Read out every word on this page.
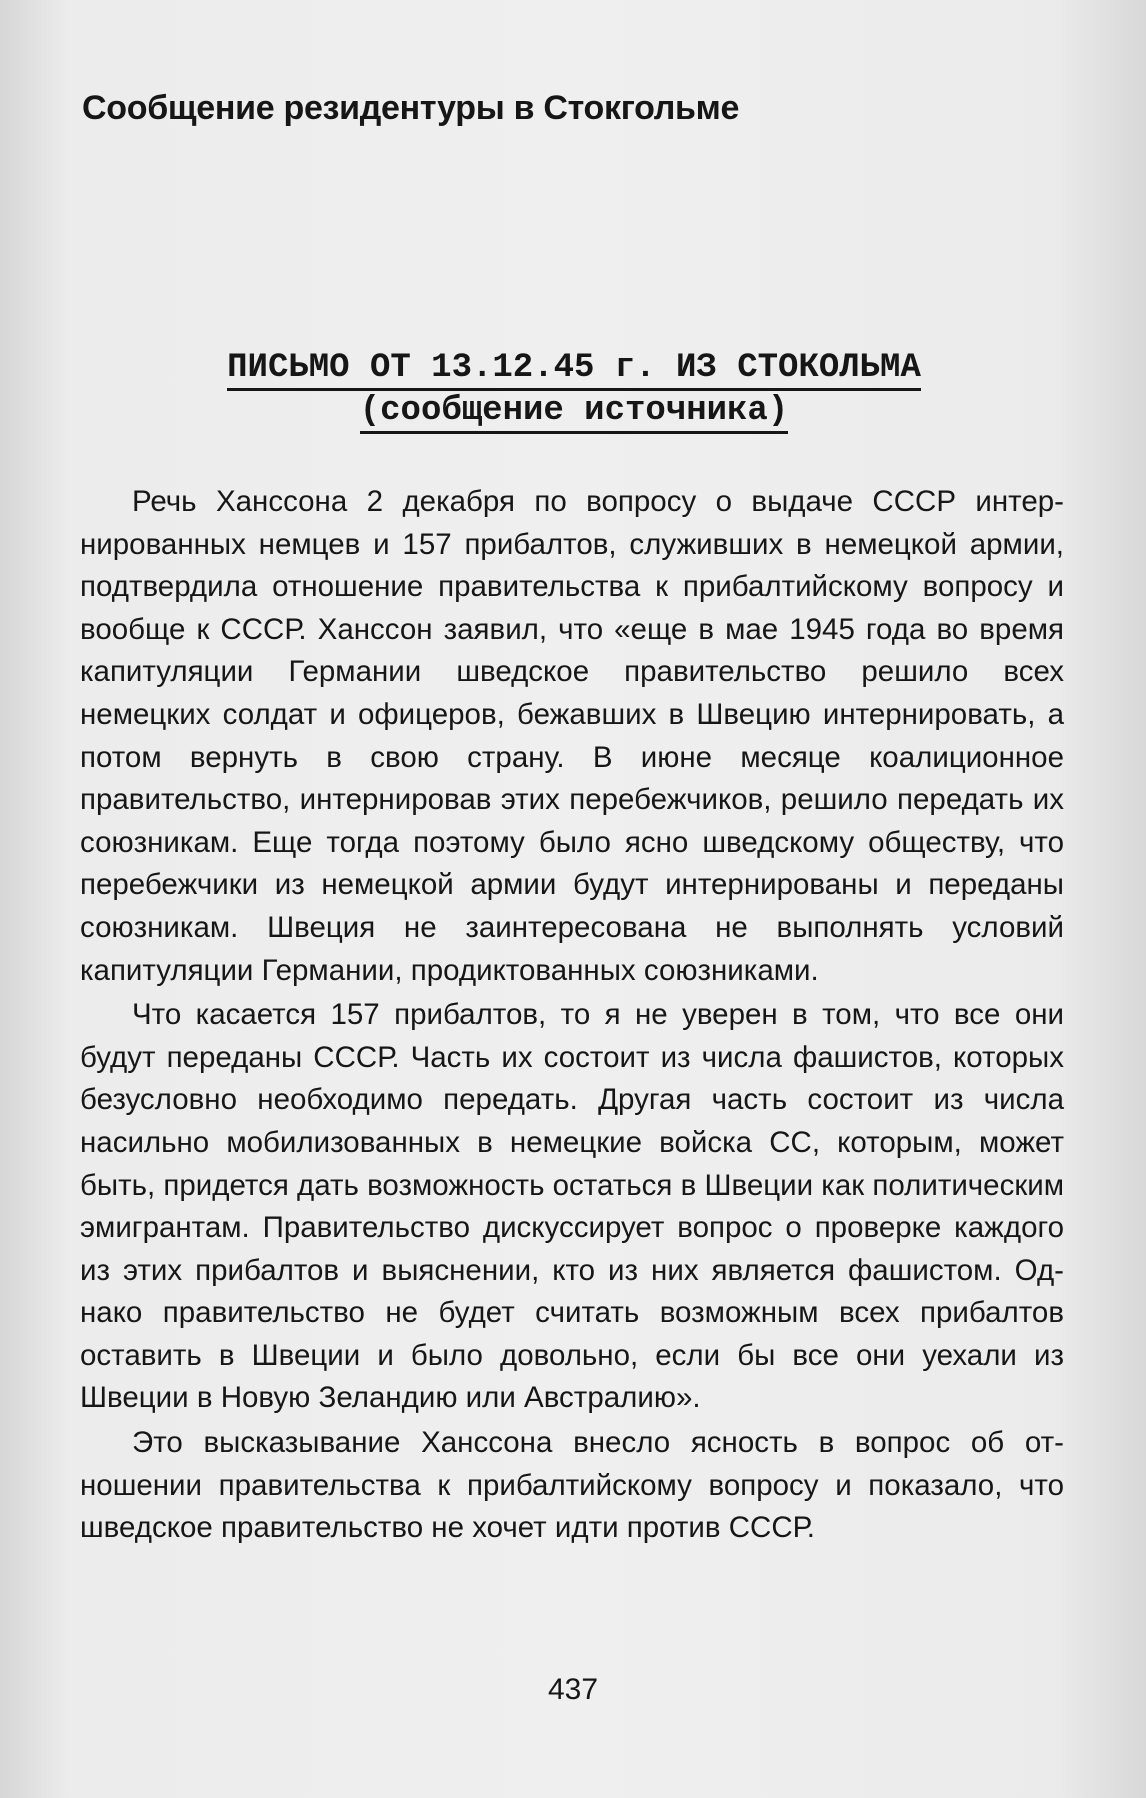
Сообщение резидентуры в Стокгольме
ПИСЬМО ОТ 13.12.45 г. ИЗ СТОКОЛЬМА
(сообщение источника)

Речь Ханссона 2 декабря по вопросу о выдаче СССР интернированных немцев и 157 прибалтов, служивших в немецкой армии, подтвердила отношение правительства к прибалтийскому вопросу и вообще к СССР. Ханссон заявил, что «еще в мае 1945 года во время капитуляции Германии шведское правительство решило всех немецких солдат и офицеров, бежавших в Швецию интернировать, а потом вернуть в свою страну. В июне месяце коалиционное правительство, интернировав этих перебежчиков, решило передать их союзникам. Еще тогда поэтому было ясно шведскому обществу, что перебежчики из немецкой армии будут интернированы и переданы союзникам. Швеция не заинтересована не выполнять условий капитуляции Германии, продиктованных союзниками.

Что касается 157 прибалтов, то я не уверен в том, что все они будут переданы СССР. Часть их состоит из числа фашистов, которых безусловно необходимо передать. Другая часть состоит из числа насильно мобилизованных в немецкие войска СС, которым, может быть, придется дать возможность остаться в Швеции как политическим эмигрантам. Правительство дискуссирует вопрос о проверке каждого из этих прибалтов и выяснении, кто из них является фашистом. Однако правительство не будет считать возможным всех прибалтов оставить в Швеции и было довольно, если бы все они уехали из Швеции в Новую Зеландию или Австралию».

Это высказывание Ханссона внесло ясность в вопрос об отношении правительства к прибалтийскому вопросу и показало, что шведское правительство не хочет идти против СССР.

437
